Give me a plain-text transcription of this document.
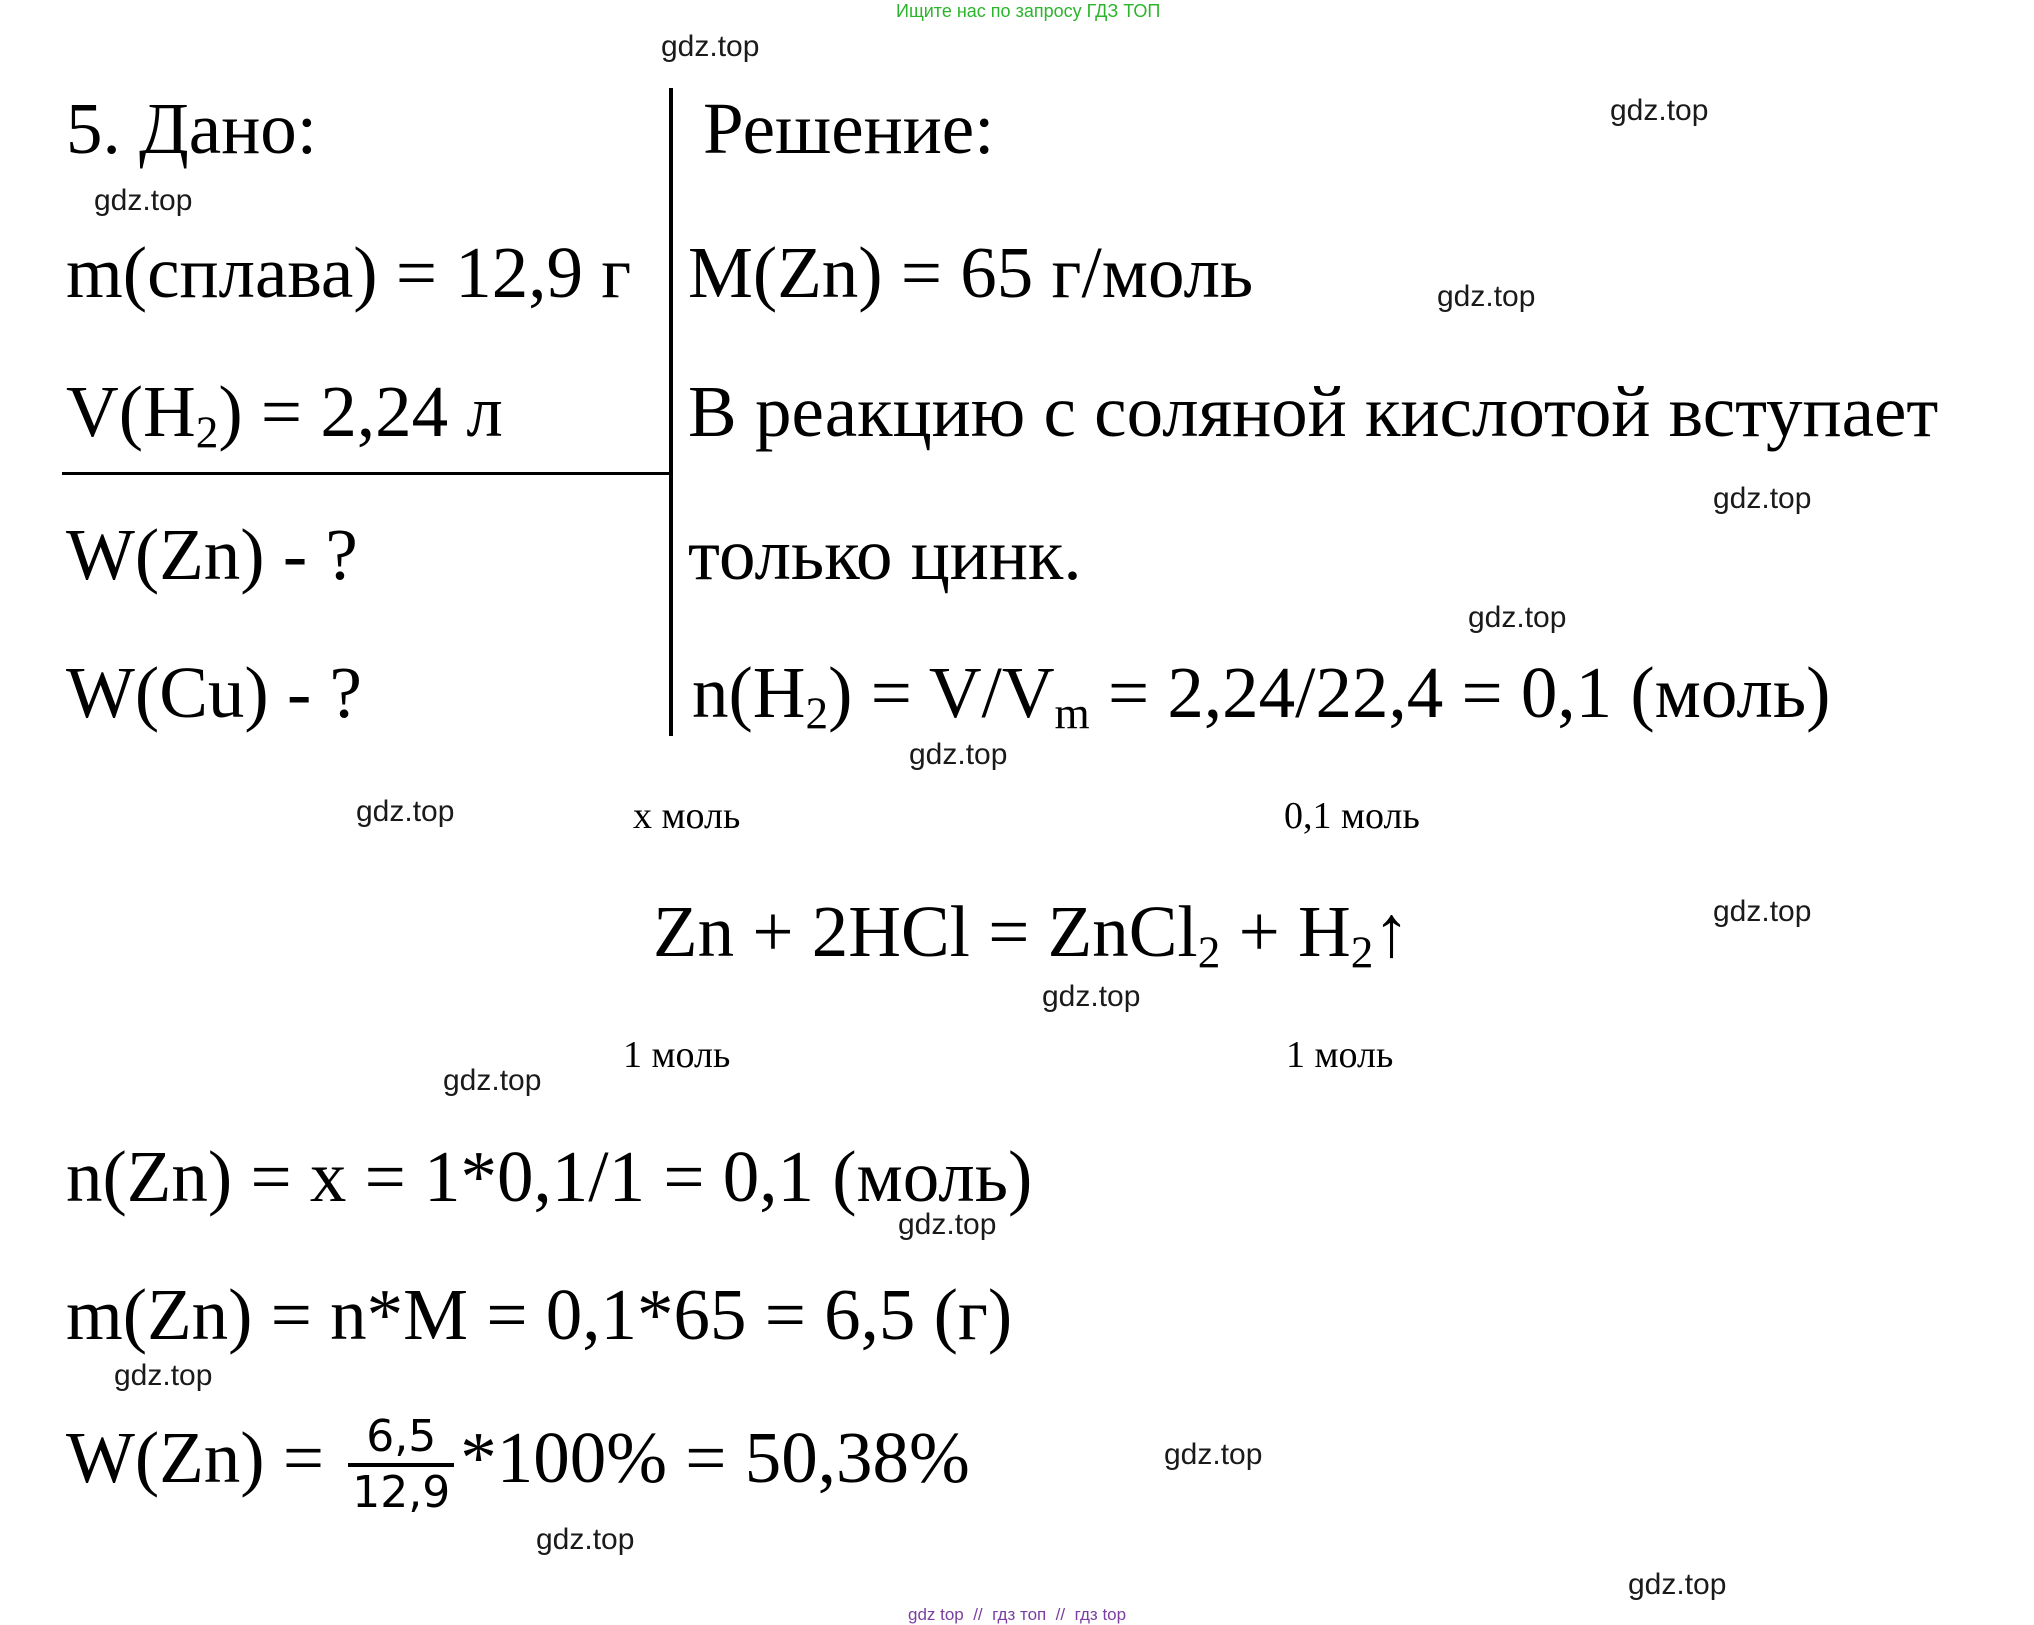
Ищите нас по запросу ГДЗ ТОП
5. Дано:
m(сплава) = 12,9 г
$V(H_2) = 2,24$ л
W(Zn) - ?
W(Cu) - ?
Решение:
M(Zn) = 65 г/моль
В реакцию с соляной кислотой вступает
только цинк.
$n(H_2) = V/V_m = 2,24/22,4 = 0,1$ (моль)
x моль	0,1 моль
Zn + 2HCl = ZnCl$_2$ + $H_2↑$
1 моль	1 моль
n(Zn) = x = 1*0,1/1 = 0,1 (моль)
m(Zn) = n*M = 0,1*65 = 6,5 (г)
$W(Zn) = \frac{6,5}{12,9} *100\% = 50,38\%$
gdz.top
gdz.top
gdz.top
gdz.top
gdz.top
gdz.top
gdz.top
gdz.top
gdz.top
gdz.top
gdz.top
gdz.top
gdz.top
gdz.top
gdz.top
gdz.top
gdz top  //  гдз топ  //  гдз top
